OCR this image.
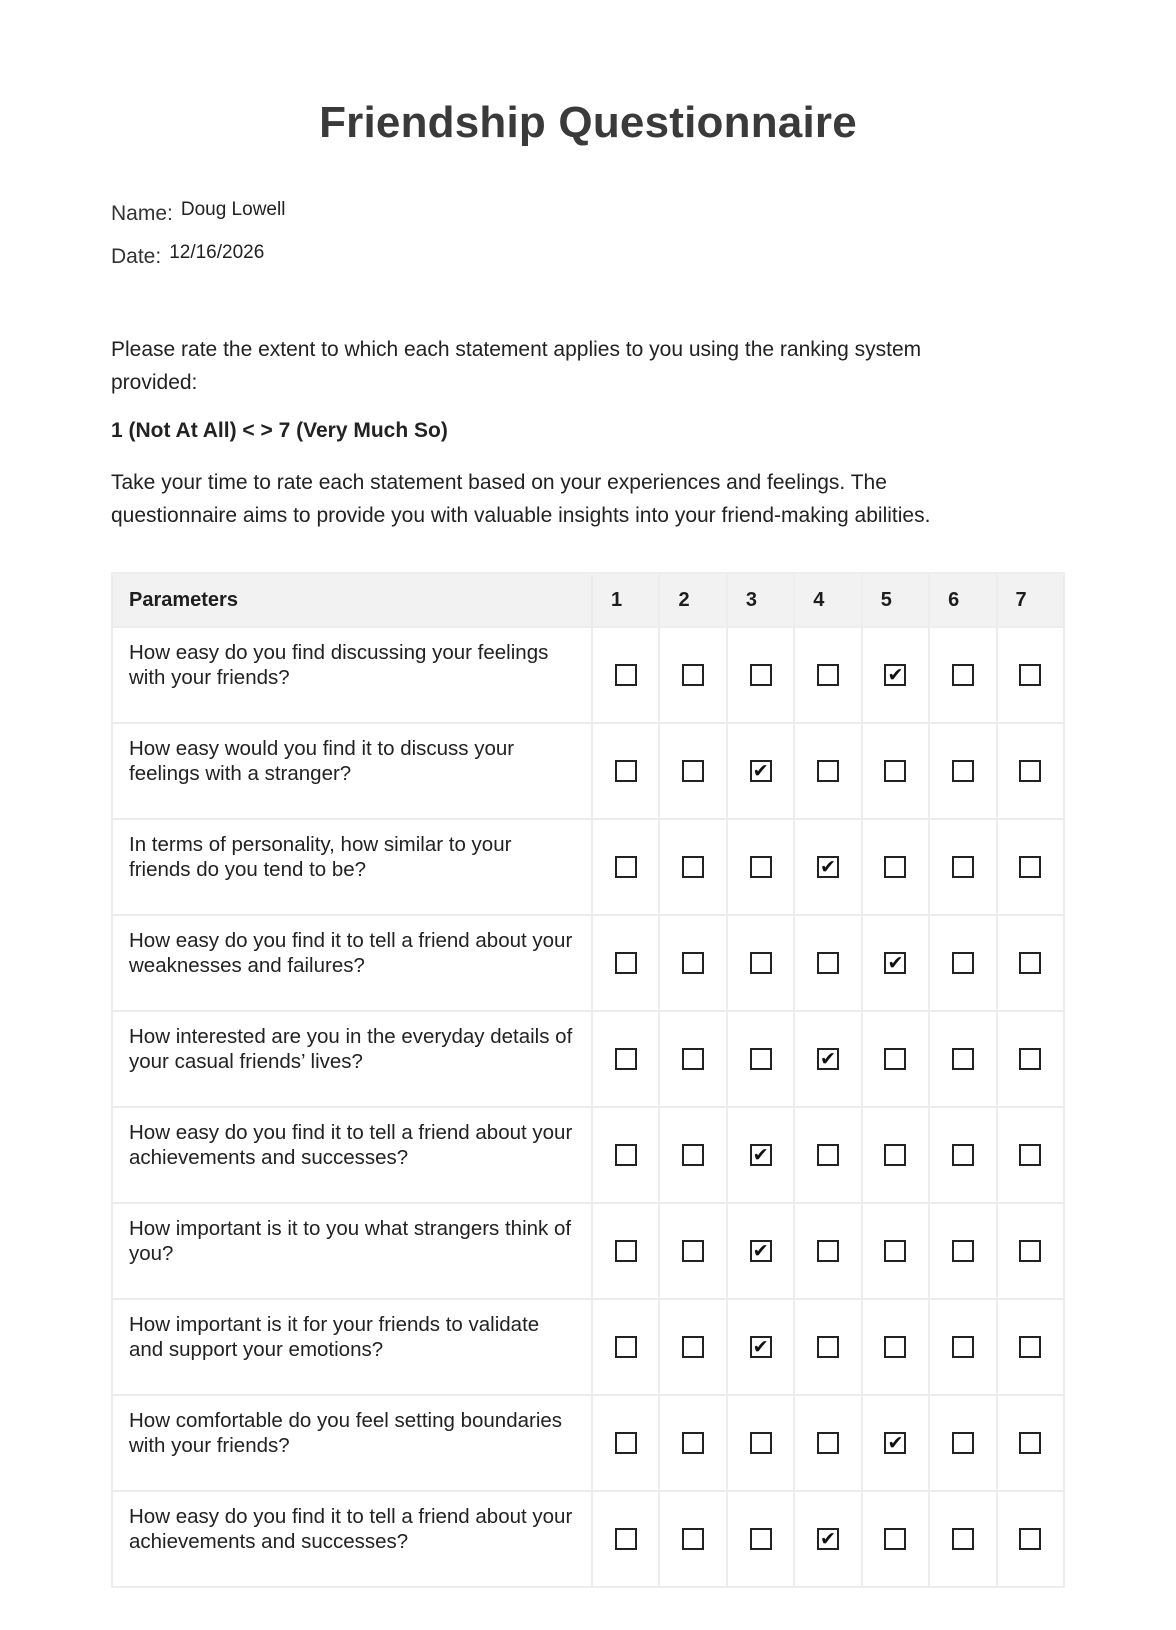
Friendship Questionnaire
Name: Doug Lowell
Date: 12/16/2026
Please rate the extent to which each statement applies to you using the ranking system provided:
1 (Not At All) < > 7 (Very Much So)
Take your time to rate each statement based on your experiences and feelings. The questionnaire aims to provide you with valuable insights into your friend-making abilities.
Parameters	1	2	3	4	5	6	7
How easy do you find discussing your feelings with your friends?					✔		

How easy would you find it to discuss your feelings with a stranger?			✔				

In terms of personality, how similar to your friends do you tend to be?				✔			

How easy do you find it to tell a friend about your weaknesses and failures?					✔		

How interested are you in the everyday details of your casual friends’ lives?				✔			

How easy do you find it to tell a friend about your achievements and successes?			✔				

How important is it to you what strangers think of you?			✔				

How important is it for your friends to validate and support your emotions?			✔				

How comfortable do you feel setting boundaries with your friends?					✔		

How easy do you find it to tell a friend about your achievements and successes?				✔			
